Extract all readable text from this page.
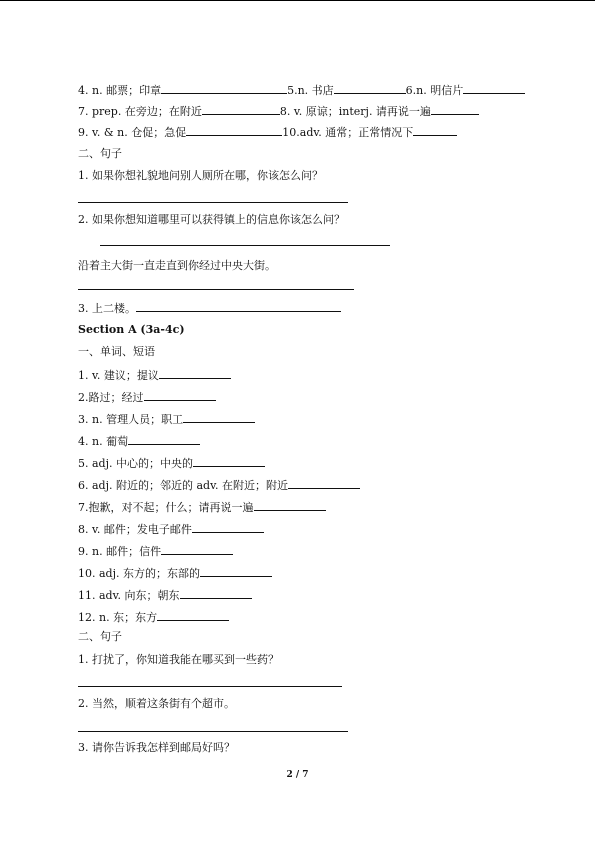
4. n. 邮票；印章	5.n. 书店	6.n. 明信片
7. prep. 在旁边；在附近	8. v. 原谅；interj. 请再说一遍
9. v. & n. 仓促；急促	10.adv. 通常；正常情况下
二、句子
1. 如果你想礼貌地问别人厕所在哪，你该怎么问？
2. 如果你想知道哪里可以获得镇上的信息你该怎么问？
沿着主大街一直走直到你经过中央大街。
3. 上二楼。
Section A (3a-4c)
一、单词、短语
1. v. 建议；提议
2.路过；经过
3. n. 管理人员；职工
4. n. 葡萄
5. adj. 中心的；中央的
6. adj. 附近的；邻近的 adv. 在附近；附近
7.抱歉，对不起；什么；请再说一遍
8. v. 邮件；发电子邮件
9. n. 邮件；信件
10. adj. 东方的；东部的
11. adv. 向东；朝东
12. n. 东；东方
二、句子
1. 打扰了，你知道我能在哪买到一些药？
2. 当然，顺着这条街有个超市。
3. 请你告诉我怎样到邮局好吗？
2 / 7
